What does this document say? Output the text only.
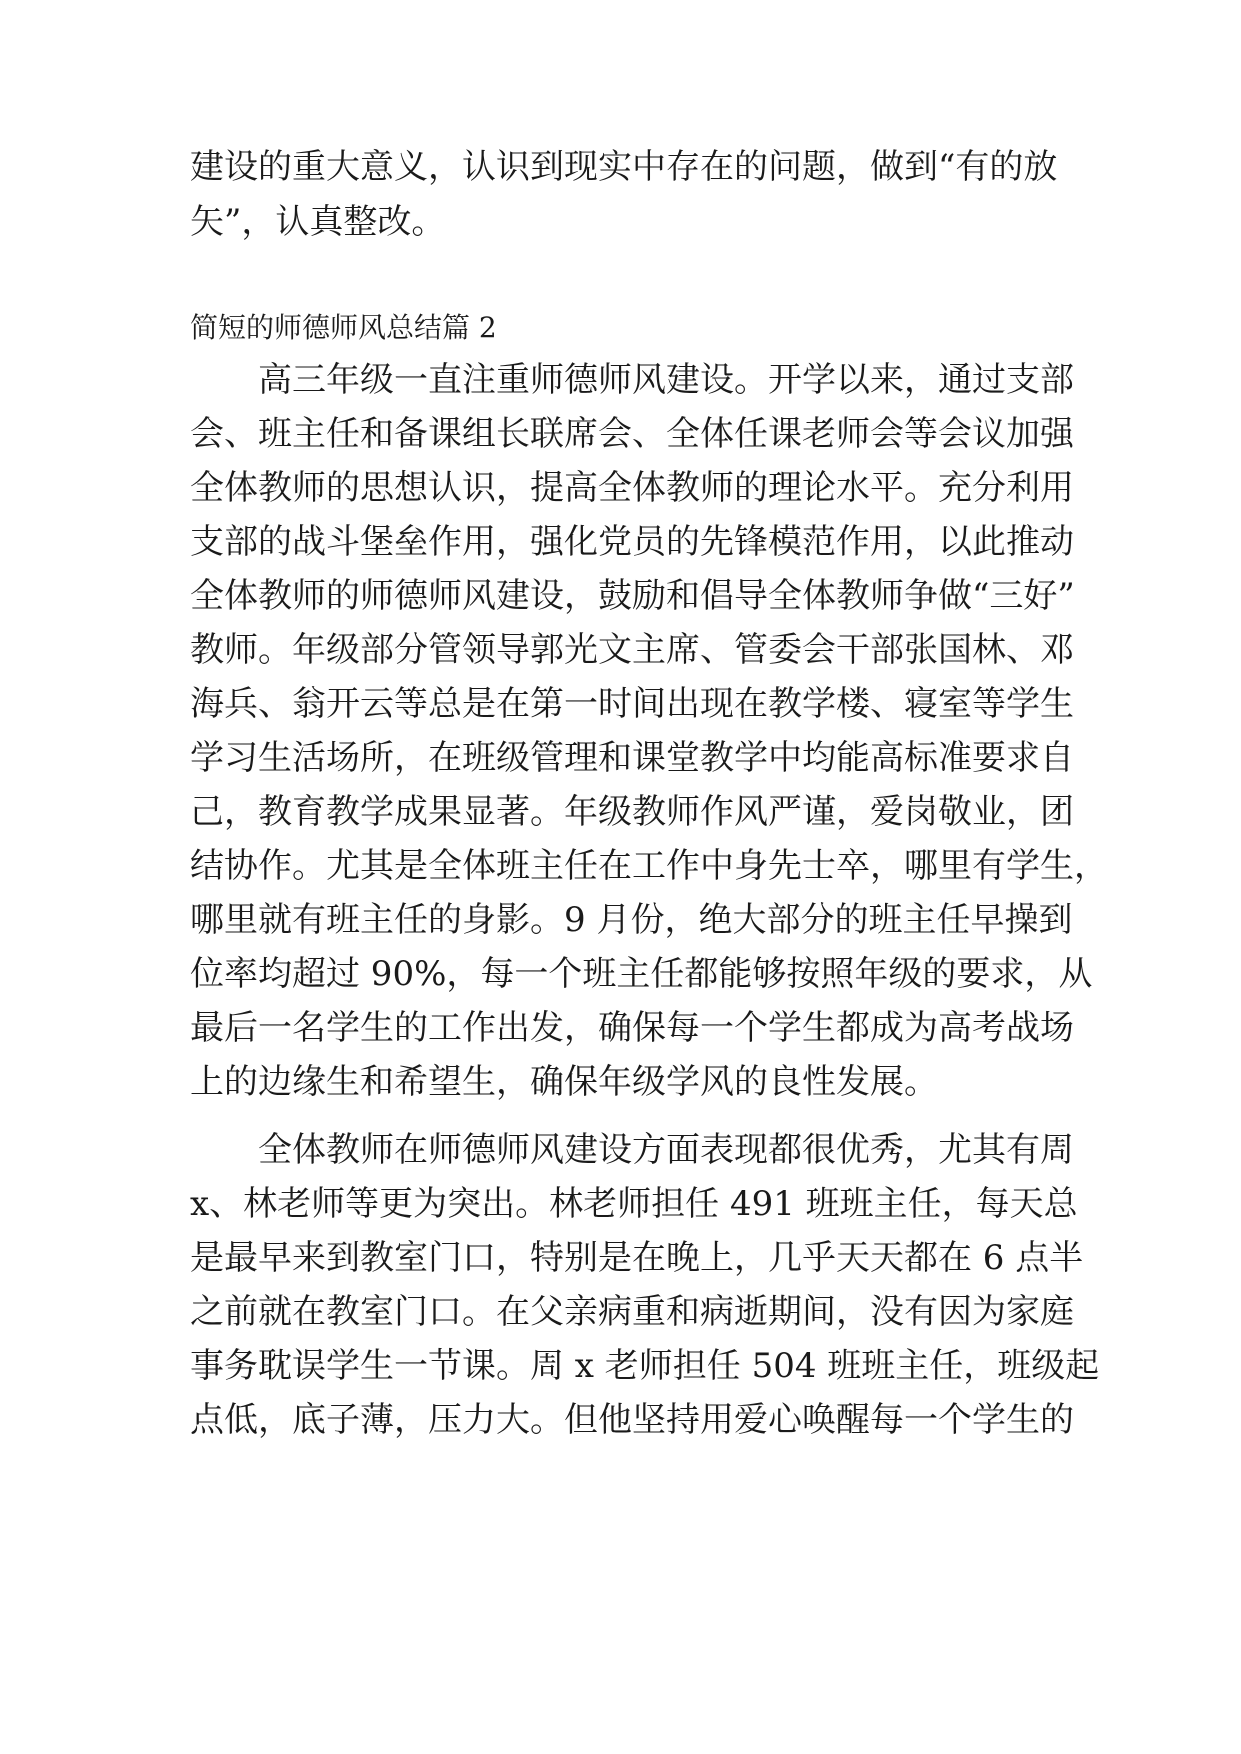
建设的重大意义，认识到现实中存在的问题，做到“有的放
矢”，认真整改。
简短的师德师风总结篇 2
高三年级一直注重师德师风建设。开学以来，通过支部
会、班主任和备课组长联席会、全体任课老师会等会议加强
全体教师的思想认识，提高全体教师的理论水平。充分利用
支部的战斗堡垒作用，强化党员的先锋模范作用，以此推动
全体教师的师德师风建设，鼓励和倡导全体教师争做“三好”
教师。年级部分管领导郭光文主席、管委会干部张国林、邓
海兵、翁开云等总是在第一时间出现在教学楼、寝室等学生
学习生活场所，在班级管理和课堂教学中均能高标准要求自
己，教育教学成果显著。年级教师作风严谨，爱岗敬业，团
结协作。尤其是全体班主任在工作中身先士卒，哪里有学生，
哪里就有班主任的身影。9 月份，绝大部分的班主任早操到
位率均超过 90%，每一个班主任都能够按照年级的要求，从
最后一名学生的工作出发，确保每一个学生都成为高考战场
上的边缘生和希望生，确保年级学风的良性发展。
全体教师在师德师风建设方面表现都很优秀，尤其有周
x、林老师等更为突出。林老师担任 491 班班主任，每天总
是最早来到教室门口，特别是在晚上，几乎天天都在 6 点半
之前就在教室门口。在父亲病重和病逝期间，没有因为家庭
事务耽误学生一节课。周 x 老师担任 504 班班主任，班级起
点低，底子薄，压力大。但他坚持用爱心唤醒每一个学生的
